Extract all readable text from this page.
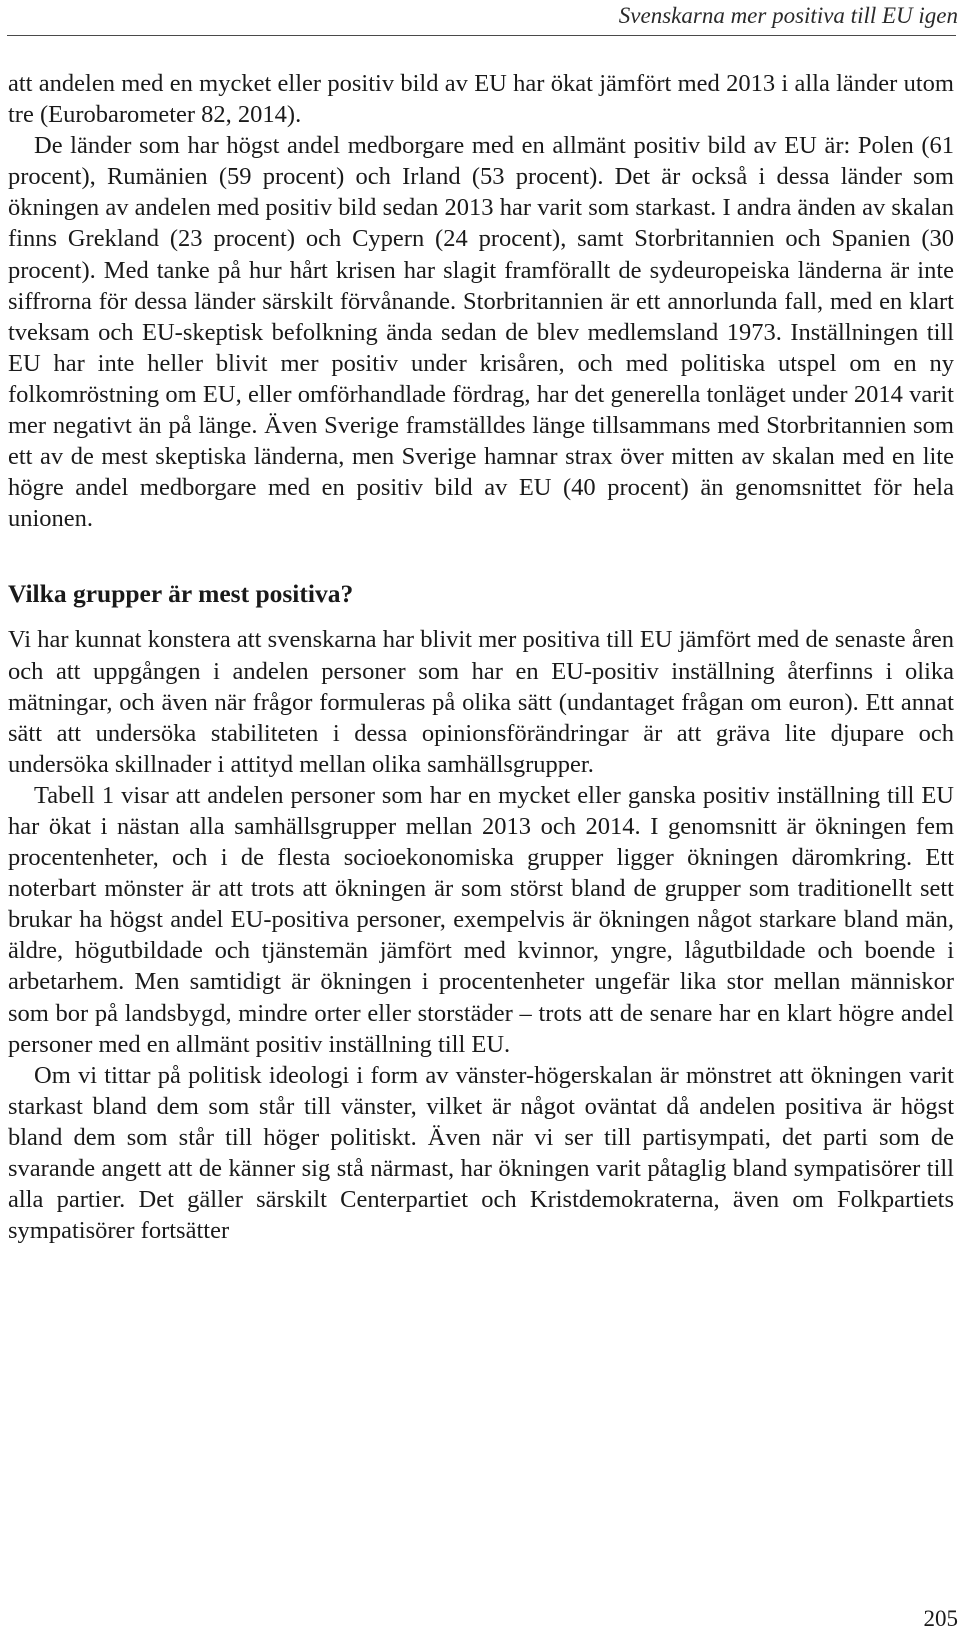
Svenskarna mer positiva till EU igen

att andelen med en mycket eller positiv bild av EU har ökat jämfört med 2013 i alla länder utom tre (Eurobarometer 82, 2014).

De länder som har högst andel medborgare med en allmänt positiv bild av EU är: Polen (61 procent), Rumänien (59 procent) och Irland (53 procent). Det är också i dessa länder som ökningen av andelen med positiv bild sedan 2013 har varit som starkast. I andra änden av skalan finns Grekland (23 procent) och Cypern (24 procent), samt Storbritannien och Spanien (30 procent). Med tanke på hur hårt krisen har slagit framförallt de sydeuropeiska länderna är inte siffrorna för dessa länder särskilt förvånande. Storbritannien är ett annorlunda fall, med en klart tveksam och EU-skeptisk befolkning ända sedan de blev medlemsland 1973. Inställningen till EU har inte heller blivit mer positiv under krisåren, och med politiska utspel om en ny folkomröstning om EU, eller omförhandlade fördrag, har det generella tonläget under 2014 varit mer negativt än på länge. Även Sverige framställdes länge tillsammans med Storbritannien som ett av de mest skeptiska länderna, men Sverige hamnar strax över mitten av skalan med en lite högre andel medborgare med en positiv bild av EU (40 procent) än genomsnittet för hela unionen.

Vilka grupper är mest positiva?

Vi har kunnat konstera att svenskarna har blivit mer positiva till EU jämfört med de senaste åren och att uppgången i andelen personer som har en EU-positiv inställning återfinns i olika mätningar, och även när frågor formuleras på olika sätt (undantaget frågan om euron). Ett annat sätt att undersöka stabiliteten i dessa opinionsförändringar är att gräva lite djupare och undersöka skillnader i attityd mellan olika samhällsgrupper.

Tabell 1 visar att andelen personer som har en mycket eller ganska positiv inställning till EU har ökat i nästan alla samhällsgrupper mellan 2013 och 2014. I genomsnitt är ökningen fem procentenheter, och i de flesta socioekonomiska grupper ligger ökningen däromkring. Ett noterbart mönster är att trots att ökningen är som störst bland de grupper som traditionellt sett brukar ha högst andel EU-positiva personer, exempelvis är ökningen något starkare bland män, äldre, högutbildade och tjänstemän jämfört med kvinnor, yngre, lågutbildade och boende i arbetarhem. Men samtidigt är ökningen i procentenheter ungefär lika stor mellan människor som bor på landsbygd, mindre orter eller storstäder – trots att de senare har en klart högre andel personer med en allmänt positiv inställning till EU.

Om vi tittar på politisk ideologi i form av vänster-högerskalan är mönstret att ökningen varit starkast bland dem som står till vänster, vilket är något oväntat då andelen positiva är högst bland dem som står till höger politiskt. Även när vi ser till partisympati, det parti som de svarande angett att de känner sig stå närmast, har ökningen varit påtaglig bland sympatisörer till alla partier. Det gäller särskilt Centerpartiet och Kristdemokraterna, även om Folkpartiets sympatisörer fortsätter

205
